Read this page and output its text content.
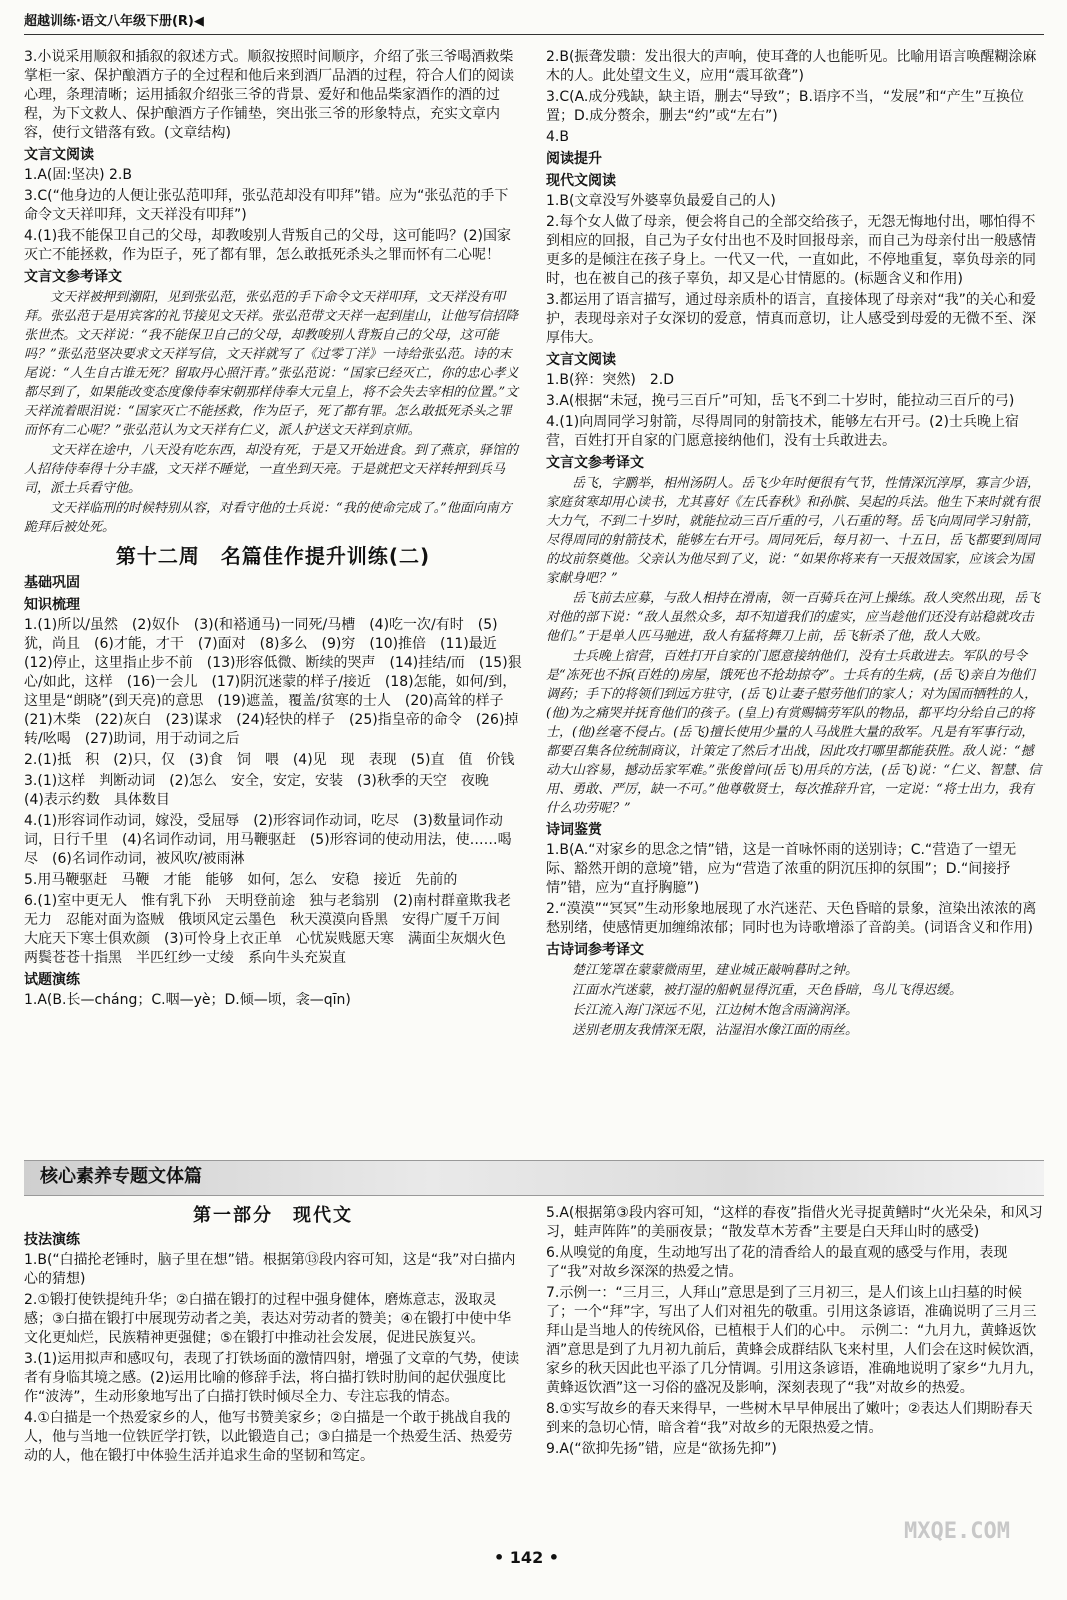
超越训练·语文八年级下册(R)◀

3.小说采用顺叙和插叙的叙述方式。顺叙按照时间顺序，介绍了张三爷喝酒救柴掌柜一家、保护酿酒方子的全过程和他后来到酒厂品酒的过程，符合人们的阅读心理，条理清晰；运用插叙介绍张三爷的背景、爱好和他品柴家酒作的酒的过程，为下文救人、保护酿酒方子作铺垫，突出张三爷的形象特点，充实文章内容，使行文错落有致。(文章结构)

文言文阅读

1.A(固:坚决) 2.B

3.C(“他身边的人便让张弘范叩拜，张弘范却没有叩拜”错。应为“张弘范的手下命令文天祥叩拜，文天祥没有叩拜”)

4.(1)我不能保卫自己的父母，却教唆别人背叛自己的父母，这可能吗？(2)国家灭亡不能拯救，作为臣子，死了都有罪，怎么敢抵死杀头之罪而怀有二心呢！

文言文参考译文

文天祥被押到潮阳，见到张弘范，张弘范的手下命令文天祥叩拜，文天祥没有叩拜。张弘范于是用宾客的礼节接见文天祥。张弘范带文天祥一起到崖山，让他写信招降张世杰。文天祥说：“我不能保卫自己的父母，却教唆别人背叛自己的父母，这可能吗？”张弘范坚决要求文天祥写信，文天祥就写了《过零丁洋》一诗给张弘范。诗的末尾说：“人生自古谁无死？留取丹心照汗青。”张弘范说：“国家已经灭亡，你的忠心孝义都尽到了，如果能改变态度像侍奉宋朝那样侍奉大元皇上，将不会失去宰相的位置。”文天祥流着眼泪说：“国家灭亡不能拯救，作为臣子，死了都有罪。怎么敢抵死杀头之罪而怀有二心呢？”张弘范认为文天祥有仁义，派人护送文天祥到京师。

文天祥在途中，八天没有吃东西，却没有死，于是又开始进食。到了燕京，驿馆的人招待侍奉得十分丰盛，文天祥不睡觉，一直坐到天亮。于是就把文天祥转押到兵马司，派士兵看守他。

文天祥临刑的时候特别从容，对看守他的士兵说：“我的使命完成了。”他面向南方跪拜后被处死。

第十二周　名篇佳作提升训练(二)

基础巩固

知识梳理

1.(1)所以/虽然　(2)奴仆　(3)(和褡通马)一同死/马槽　(4)吃一次/有时　(5)犹，尚且　(6)才能，才干　(7)面对　(8)多么　(9)穷　(10)推倍　(11)最近　(12)停止，这里指止步不前　(13)形容低微、断续的哭声　(14)挂结/而　(15)狠心/如此，这样　(16)一会儿　(17)阴沉迷蒙的样子/接近　(18)怎能，如何/到，这里是“朗晓”(到天亮)的意思　(19)遮盖，覆盖/贫寒的士人　(20)高耸的样子　(21)木柴　(22)灰白　(23)谋求　(24)轻快的样子　(25)指皇帝的命令　(26)掉转/吆喝　(27)助词，用于动词之后

2.(1)抵　积　(2)只，仅　(3)食　饲　喂　(4)见　现　表现　(5)直　值　价钱

3.(1)这样　判断动词　(2)怎么　安全，安定，安装　(3)秋季的天空　夜晚　(4)表示约数　具体数目

4.(1)形容词作动词，嫁没，受屈辱　(2)形容词作动词，吃尽　(3)数量词作动词，日行千里　(4)名词作动词，用马鞭驱赶　(5)形容词的使动用法，使……喝尽　(6)名词作动词，被风吹/被雨淋

5.用马鞭驱赶　马鞭　才能　能够　如何，怎么　安稳　接近　先前的

6.(1)室中更无人　惟有乳下孙　天明登前途　独与老翁别　(2)南村群童欺我老无力　忍能对面为盗贼　俄顷风定云墨色　秋天漠漠向昏黑　安得广厦千万间　大庇天下寒士俱欢颜　(3)可怜身上衣正单　心忧炭贱愿天寒　满面尘灰烟火色　两鬓苍苍十指黑　半匹红纱一丈绫　系向牛头充炭直

试题演练

1.A(B.长—cháng；C.咽—yè；D.倾—顷，衾—qīn)

2.B(振聋发聩：发出很大的声响，使耳聋的人也能听见。比喻用语言唤醒糊涂麻木的人。此处望文生义，应用“震耳欲聋”)

3.C(A.成分残缺，缺主语，删去“导致”；B.语序不当，“发展”和“产生”互换位置；D.成分赘余，删去“约”或“左右”)

4.B

阅读提升

现代文阅读

1.B(文章没写外婆辜负最爱自己的人)

2.每个女人做了母亲，便会将自己的全部交给孩子，无怨无悔地付出，哪怕得不到相应的回报，自己为子女付出也不及时回报母亲，而自己为母亲付出一般感情更多的是倾注在孩子身上。一代又一代，一直如此，不停地重复，辜负母亲的同时，也在被自己的孩子辜负，却又是心甘情愿的。(标题含义和作用)

3.都运用了语言描写，通过母亲质朴的语言，直接体现了母亲对“我”的关心和爱护，表现母亲对子女深切的爱意，情真而意切，让人感受到母爱的无微不至、深厚伟大。

文言文阅读

1.B(猝：突然)　2.D

3.A(根据“未冠，挽弓三百斤”可知，岳飞不到二十岁时，能拉动三百斤的弓)

4.(1)向周同学习射箭，尽得周同的射箭技术，能够左右开弓。(2)士兵晚上宿营，百姓打开自家的门愿意接纳他们，没有士兵敢进去。

文言文参考译文

岳飞，字鹏举，相州汤阴人。岳飞少年时便很有气节，性情深沉淳厚，寡言少语，家庭贫寒却用心读书，尤其喜好《左氏春秋》和孙膑、吴起的兵法。他生下来时就有很大力气，不到二十岁时，就能拉动三百斤重的弓，八石重的弩。岳飞向周同学习射箭，尽得周同的射箭技术，能够左右开弓。周同死后，每月初一、十五日，岳飞都要到周同的坟前祭奠他。父亲认为他尽到了义，说：“如果你将来有一天报效国家，应该会为国家献身吧？”

岳飞前去应募，与敌人相持在滑南，领一百骑兵在河上操练。敌人突然出现，岳飞对他的部下说：“敌人虽然众多，却不知道我们的虚实，应当趁他们还没有站稳就攻击他们。”于是单人匹马驰进，敌人有猛将舞刀上前，岳飞斩杀了他，敌人大败。

士兵晚上宿营，百姓打开自家的门愿意接纳他们，没有士兵敢进去。军队的号令是“冻死也不拆(百姓的)房屋，饿死也不抢劫掠夺”。士兵有的生病，(岳飞)亲自为他们调药；手下的将领们到远方驻守，(岳飞)让妻子慰劳他们的家人；对为国而牺牲的人，(他)为之痛哭并抚育他们的孩子。(皇上)有赏赐犒劳军队的物品，都平均分给自己的将士，(他)丝毫不侵占。(岳飞)擅长使用少量的人马战胜大量的敌军。凡是有军事行动，都要召集各位统制商议，计策定了然后才出战，因此攻打哪里都能获胜。敌人说：“撼动大山容易，撼动岳家军难。”张俊曾问(岳飞)用兵的方法，(岳飞)说：“仁义、智慧、信用、勇敢、严厉，缺一不可。”他尊敬贤士，每次推辞升官，一定说：“将士出力，我有什么功劳呢？”

诗词鉴赏

1.B(A.“对家乡的思念之情”错，这是一首咏怀雨的送别诗；C.“营造了一望无际、豁然开朗的意境”错，应为“营造了浓重的阴沉压抑的氛围”；D.“间接抒情”错，应为“直抒胸臆”)

2.“漠漠”“冥冥”生动形象地展现了水汽迷茫、天色昏暗的景象，渲染出浓浓的离愁别绪，使感情更加缠绵浓郁；同时也为诗歌增添了音韵美。(词语含义和作用)

古诗词参考译文

楚江笼罩在蒙蒙微雨里，建业城正敲响暮时之钟。

江面水汽迷蒙，被打湿的船帆显得沉重，天色昏暗，鸟儿飞得迟缓。

长江流入海门深远不见，江边树木饱含雨滴润泽。

送别老朋友我情深无限，沾湿泪水像江面的雨丝。

核心素养专题文体篇
第一部分　现代文

技法演练

1.B(“白描抡老锤时，脑子里在想”错。根据第⑬段内容可知，这是“我”对白描内心的猜想)

2.①锻打使铁提纯升华；②白描在锻打的过程中强身健体，磨炼意志，汲取灵感；③白描在锻打中展现劳动者之美，表达对劳动者的赞美；④在锻打中使中华文化更灿烂，民族精神更强健；⑤在锻打中推动社会发展，促进民族复兴。

3.(1)运用拟声和感叹句，表现了打铁场面的激情四射，增强了文章的气势，使读者有身临其境之感。(2)运用比喻的修辞手法，将白描打铁时肋间的起伏强度比作“波涛”，生动形象地写出了白描打铁时倾尽全力、专注忘我的情态。

4.①白描是一个热爱家乡的人，他写书赞美家乡；②白描是一个敢于挑战自我的人，他与当地一位铁匠学打铁，以此锻造自己；③白描是一个热爱生活、热爱劳动的人，他在锻打中体验生活并追求生命的坚韧和笃定。

5.A(根据第③段内容可知，“这样的春夜”指借火光寻捉黄鳝时“火光朵朵，和风习习，蛙声阵阵”的美丽夜景；“散发草木芳香”主要是白天拜山时的感受)

6.从嗅觉的角度，生动地写出了花的清香给人的最直观的感受与作用，表现了“我”对故乡深深的热爱之情。

7.示例一：“三月三，人拜山”意思是到了三月初三，是人们该上山扫墓的时候了；一个“拜”字，写出了人们对祖先的敬重。引用这条谚语，准确说明了三月三拜山是当地人的传统风俗，已植根于人们的心中。　示例二：“九月九，黄蜂返饮酒”意思是到了九月初九前后，黄蜂会成群结队飞来村里，人们会在这时候饮酒，家乡的秋天因此也平添了几分情调。引用这条谚语，准确地说明了家乡“九月九，黄蜂返饮酒”这一习俗的盛况及影响，深刻表现了“我”对故乡的热爱。

8.①实写故乡的春天来得早，一些树木早早伸展出了嫩叶；②表达人们期盼春天到来的急切心情，暗含着“我”对故乡的无限热爱之情。

9.A(“欲抑先扬”错，应是“欲扬先抑”)

• 142 •
MXQE.COM
